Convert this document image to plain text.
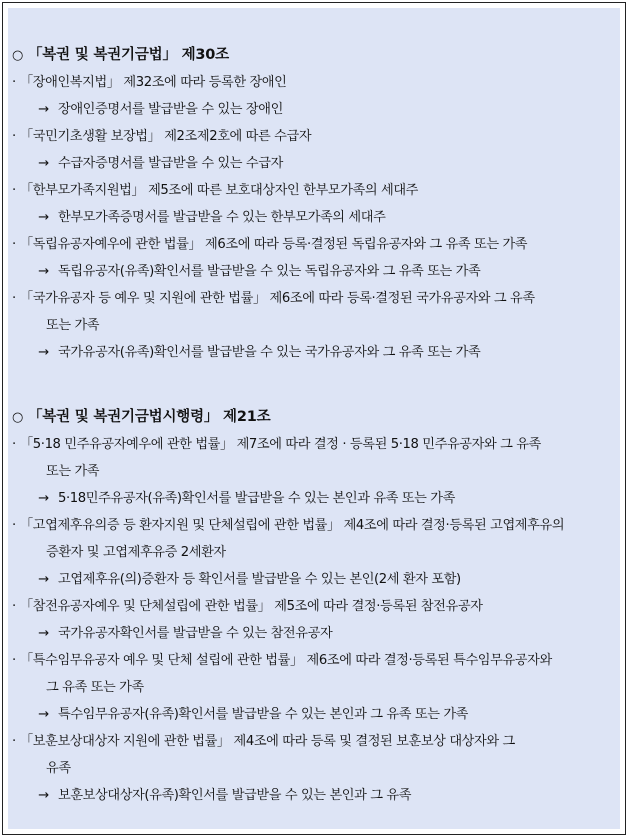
○ 「복권 및 복권기금법」 제30조
· 「장애인복지법」 제32조에 따라 등록한 장애인
→ 장애인증명서를 발급받을 수 있는 장애인
· 「국민기초생활 보장법」 제2조제2호에 따른 수급자
→ 수급자증명서를 발급받을 수 있는 수급자
· 「한부모가족지원법」 제5조에 따른 보호대상자인 한부모가족의 세대주
→ 한부모가족증명서를 발급받을 수 있는 한부모가족의 세대주
· 「독립유공자예우에 관한 법률」 제6조에 따라 등록·결정된 독립유공자와 그 유족 또는 가족
→ 독립유공자(유족)확인서를 발급받을 수 있는 독립유공자와 그 유족 또는 가족
· 「국가유공자 등 예우 및 지원에 관한 법률」 제6조에 따라 등록·결정된 국가유공자와 그 유족
또는 가족
→ 국가유공자(유족)확인서를 발급받을 수 있는 국가유공자와 그 유족 또는 가족
○ 「복권 및 복권기금법시행령」 제21조
· 「5·18 민주유공자예우에 관한 법률」 제7조에 따라 결정 · 등록된 5·18 민주유공자와 그 유족
또는 가족
→ 5·18민주유공자(유족)확인서를 발급받을 수 있는 본인과 유족 또는 가족
· 「고엽제후유의증 등 환자지원 및 단체설립에 관한 법률」 제4조에 따라 결정·등록된 고엽제후유의
증환자 및 고엽제후유증 2세환자
→ 고엽제후유(의)증환자 등 확인서를 발급받을 수 있는 본인(2세 환자 포함)
· 「참전유공자예우 및 단체설립에 관한 법률」 제5조에 따라 결정·등록된 참전유공자
→ 국가유공자확인서를 발급받을 수 있는 참전유공자
· 「특수임무유공자 예우 및 단체 설립에 관한 법률」 제6조에 따라 결정·등록된 특수임무유공자와
그 유족 또는 가족
→ 특수임무유공자(유족)확인서를 발급받을 수 있는 본인과 그 유족 또는 가족
· 「보훈보상대상자 지원에 관한 법률」 제4조에 따라 등록 및 결정된 보훈보상 대상자와 그
유족
→ 보훈보상대상자(유족)확인서를 발급받을 수 있는 본인과 그 유족
